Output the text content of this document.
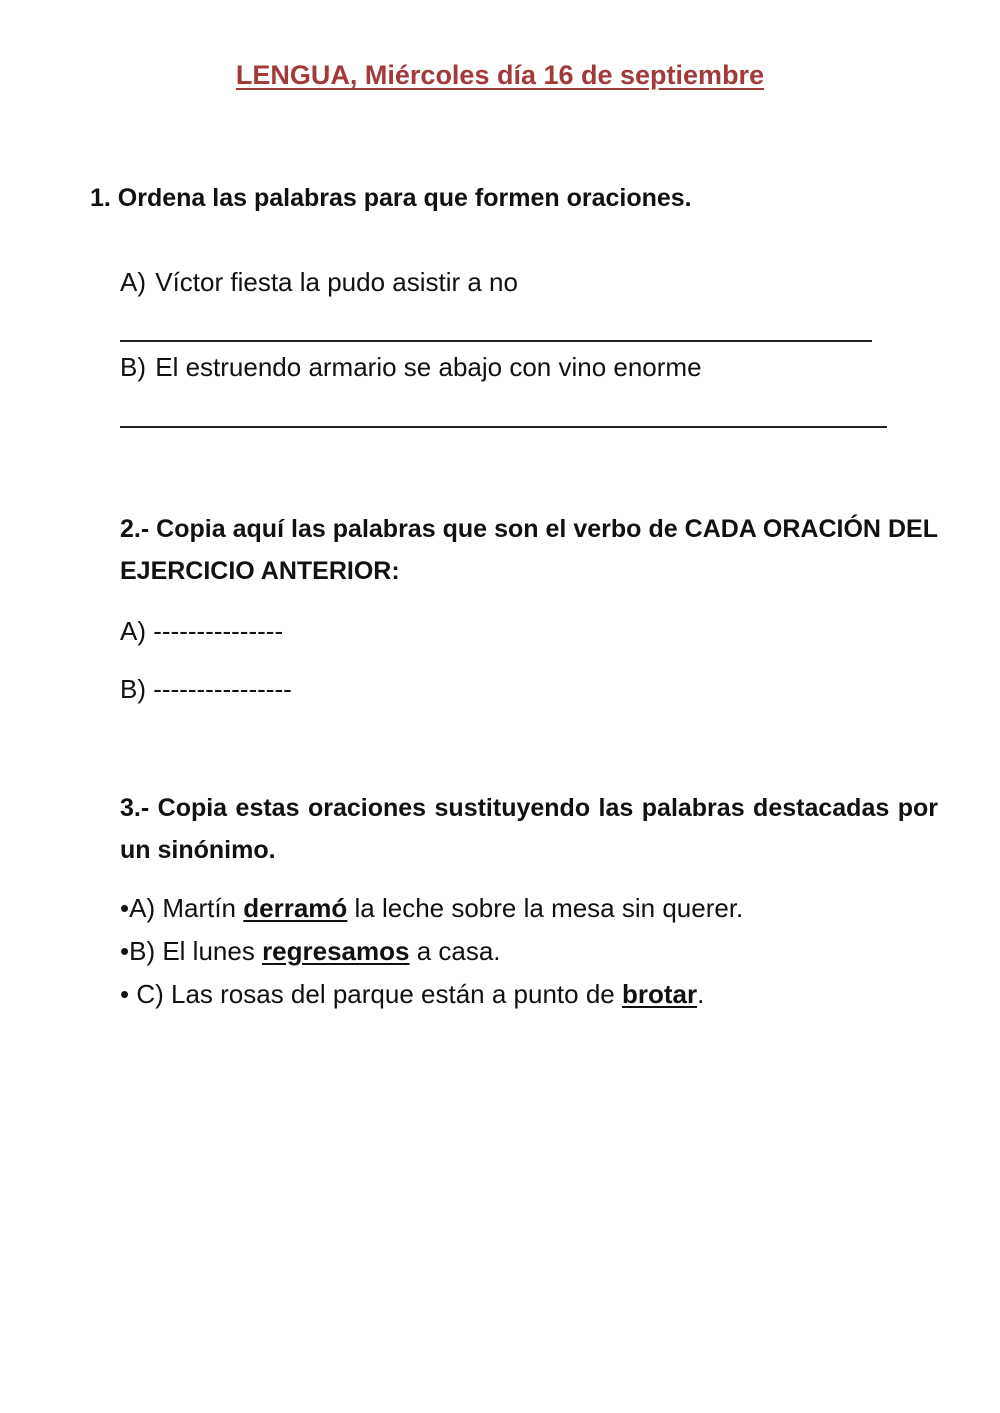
LENGUA, Miércoles día 16 de septiembre
1. Ordena las palabras para que formen oraciones.
A) Víctor fiesta la pudo asistir a no
B) El estruendo armario se abajo con vino enorme
2.- Copia aquí las palabras que son el verbo de CADA ORACIÓN DEL EJERCICIO ANTERIOR:
A) ---------------
B) ----------------
3.- Copia estas oraciones sustituyendo las palabras destacadas por un sinónimo.
•A) Martín derramó la leche sobre la mesa sin querer.
•B) El lunes regresamos a casa.
• C) Las rosas del parque están a punto de brotar.
